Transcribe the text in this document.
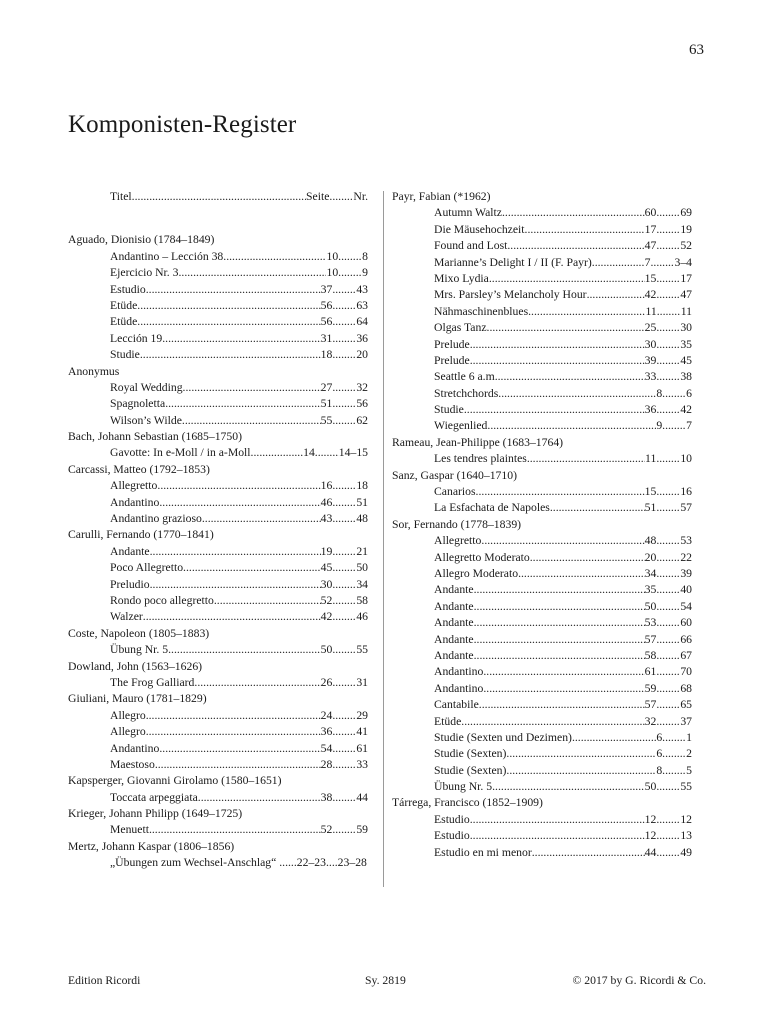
63
Komponisten-Register
Titel .....	Seite ..... Nr.
Aguado, Dionisio (1784–1849)
Andantino – Lección 38 .....	10 ..... 8
Ejercicio Nr. 3 .....	10 ..... 9
Estudio .....	37 ..... 43
Etüde .....	56 ..... 63
Etüde .....	56 ..... 64
Lección 19 .....	31 ..... 36
Studie .....	18 ..... 20
Anonymus
Royal Wedding .....	27 ..... 32
Spagnoletta .....	51 ..... 56
Wilson’s Wilde .....	55 ..... 62
Bach, Johann Sebastian (1685–1750)
Gavotte: In e-Moll / in a-Moll .....	14 ..... 14–15
Carcassi, Matteo (1792–1853)
Allegretto .....	16 ..... 18
Andantino .....	46 ..... 51
Andantino grazioso .....	43 ..... 48
Carulli, Fernando (1770–1841)
Andante .....	19 ..... 21
Poco Allegretto .....	45 ..... 50
Preludio .....	30 ..... 34
Rondo poco allegretto .....	52 ..... 58
Walzer .....	42 ..... 46
Coste, Napoleon (1805–1883)
Übung Nr. 5 .....	50 ..... 55
Dowland, John (1563–1626)
The Frog Galliard .....	26 ..... 31
Giuliani, Mauro (1781–1829)
Allegro .....	24 ..... 29
Allegro .....	36 ..... 41
Andantino .....	54 ..... 61
Maestoso .....	28 ..... 33
Kapsperger, Giovanni Girolamo (1580–1651)
Toccata arpeggiata .....	38 ..... 44
Krieger, Johann Philipp (1649–1725)
Menuett .....	52 ..... 59
Mertz, Johann Kaspar (1806–1856)
„Übungen zum Wechsel-Anschlag“ ......22–23....23–28
Payr, Fabian (*1962)
Autumn Waltz .....	60 ..... 69
Die Mäusehochzeit .....	17 ..... 19
Found and Lost .....	47 ..... 52
Marianne’s Delight I / II (F. Payr) .....	7 ..... 3–4
Mixo Lydia .....	15 ..... 17
Mrs. Parsley’s Melancholy Hour .....	42 ..... 47
Nähmaschinenblues .....	11 ..... 11
Olgas Tanz .....	25 ..... 30
Prelude .....	30 ..... 35
Prelude .....	39 ..... 45
Seattle 6 a.m. .....	33 ..... 38
Stretchchords .....	8 ..... 6
Studie .....	36 ..... 42
Wiegenlied .....	9 ..... 7
Rameau, Jean-Philippe (1683–1764)
Les tendres plaintes .....	11 ..... 10
Sanz, Gaspar (1640–1710)
Canarios .....	15 ..... 16
La Esfachata de Napoles .....	51 ..... 57
Sor, Fernando (1778–1839)
Allegretto .....	48 ..... 53
Allegretto Moderato .....	20 ..... 22
Allegro Moderato .....	34 ..... 39
Andante .....	35 ..... 40
Andante .....	50 ..... 54
Andante .....	53 ..... 60
Andante .....	57 ..... 66
Andante .....	58 ..... 67
Andantino .....	61 ..... 70
Andantino .....	59 ..... 68
Cantabile .....	57 ..... 65
Etüde .....	32 ..... 37
Studie (Sexten und Dezimen) .....	6 ..... 1
Studie (Sexten) .....	6 ..... 2
Studie (Sexten) .....	8 ..... 5
Übung Nr. 5 .....	50 ..... 55
Tárrega, Francisco (1852–1909)
Estudio .....	12 ..... 12
Estudio .....	12 ..... 13
Estudio en mi menor .....	44 ..... 49
Edition Ricordi	Sy. 2819	© 2017 by G. Ricordi & Co.
